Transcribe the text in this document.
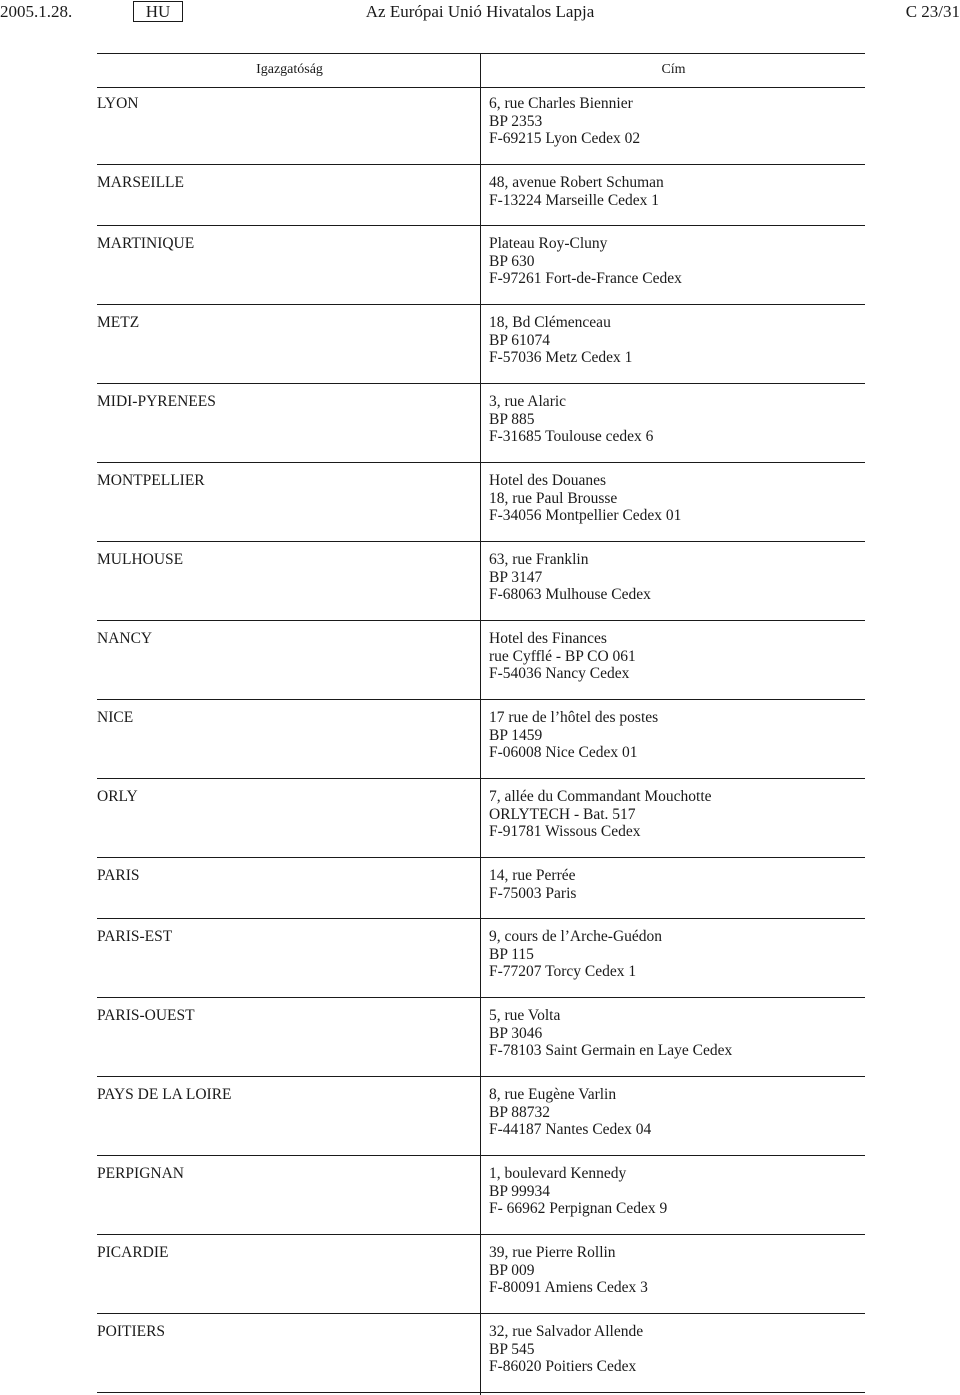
2005.1.28.	HU	Az Európai Unió Hivatalos Lapja	C 23/31
Igazgatóság	Cím
LYON	6, rue Charles Biennier
BP 2353
F-69215 Lyon Cedex 02
MARSEILLE	48, avenue Robert Schuman
F-13224 Marseille Cedex 1
MARTINIQUE	Plateau Roy-Cluny
BP 630
F-97261 Fort-de-France Cedex
METZ	18, Bd Clémenceau
BP 61074
F-57036 Metz Cedex 1
MIDI-PYRENEES	3, rue Alaric
BP 885
F-31685 Toulouse cedex 6
MONTPELLIER	Hotel des Douanes
18, rue Paul Brousse
F-34056 Montpellier Cedex 01
MULHOUSE	63, rue Franklin
BP 3147
F-68063 Mulhouse Cedex
NANCY	Hotel des Finances
rue Cyfflé - BP CO 061
F-54036 Nancy Cedex
NICE	17 rue de l’hôtel des postes
BP 1459
F-06008 Nice Cedex 01
ORLY	7, allée du Commandant Mouchotte
ORLYTECH - Bat. 517
F-91781 Wissous Cedex
PARIS	14, rue Perrée
F-75003 Paris
PARIS-EST	9, cours de l’Arche-Guédon
BP 115
F-77207 Torcy Cedex 1
PARIS-OUEST	5, rue Volta
BP 3046
F-78103 Saint Germain en Laye Cedex
PAYS DE LA LOIRE	8, rue Eugène Varlin
BP 88732
F-44187 Nantes Cedex 04
PERPIGNAN	1, boulevard Kennedy
BP 99934
F- 66962 Perpignan Cedex 9
PICARDIE	39, rue Pierre Rollin
BP 009
F-80091 Amiens Cedex 3
POITIERS	32, rue Salvador Allende
BP 545
F-86020 Poitiers Cedex
